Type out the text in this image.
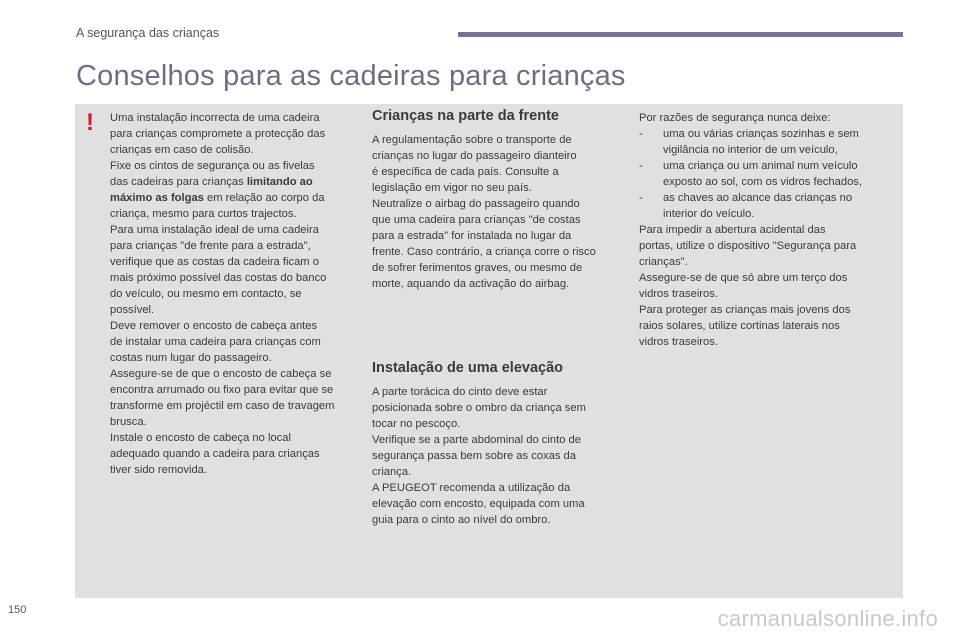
A segurança das crianças
Conselhos para as cadeiras para crianças
! Uma instalação incorrecta de uma cadeira

para crianças compromete a protecção das

crianças em caso de colisão.

Fixe os cintos de segurança ou as fivelas

das cadeiras para crianças limitando ao

máximo as folgas em relação ao corpo da

criança, mesmo para curtos trajectos.

Para uma instalação ideal de uma cadeira

para crianças "de frente para a estrada",

verifique que as costas da cadeira ficam o

mais próximo possível das costas do banco

do veículo, ou mesmo em contacto, se

possível.

Deve remover o encosto de cabeça antes

de instalar uma cadeira para crianças com

costas num lugar do passageiro.

Assegure-se de que o encosto de cabeça se

encontra arrumado ou fixo para evitar que se

transforme em projéctil em caso de travagem

brusca.

Instale o encosto de cabeça no local

adequado quando a cadeira para crianças

tiver sido removida.

Crianças na parte da frente

A regulamentação sobre o transporte de

crianças no lugar do passageiro dianteiro

é específica de cada país. Consulte a

legislação em vigor no seu país.

Neutralize o airbag do passageiro quando

que uma cadeira para crianças "de costas

para a estrada" for instalada no lugar da

frente. Caso contrário, a criança corre o risco

de sofrer ferimentos graves, ou mesmo de

morte, aquando da activação do airbag.

Instalação de uma elevação

A parte torácica do cinto deve estar

posicionada sobre o ombro da criança sem

tocar no pescoço.

Verifique se a parte abdominal do cinto de

segurança passa bem sobre as coxas da

criança.

A PEUGEOT recomenda a utilização da

elevação com encosto, equipada com uma

guia para o cinto ao nível do ombro.

Por razões de segurança nunca deixe:

-	uma ou várias crianças sozinhas e sem
vigilância no interior de um veículo,
-	uma criança ou um animal num veículo
exposto ao sol, com os vidros fechados,
-	as chaves ao alcance das crianças no
interior do veículo.

Para impedir a abertura acidental das

portas, utilize o dispositivo "Segurança para

crianças".

Assegure-se de que só abre um terço dos

vidros traseiros.

Para proteger as crianças mais jovens dos

raios solares, utilize cortinas laterais nos

vidros traseiros.

150	carmanualsonline.info
